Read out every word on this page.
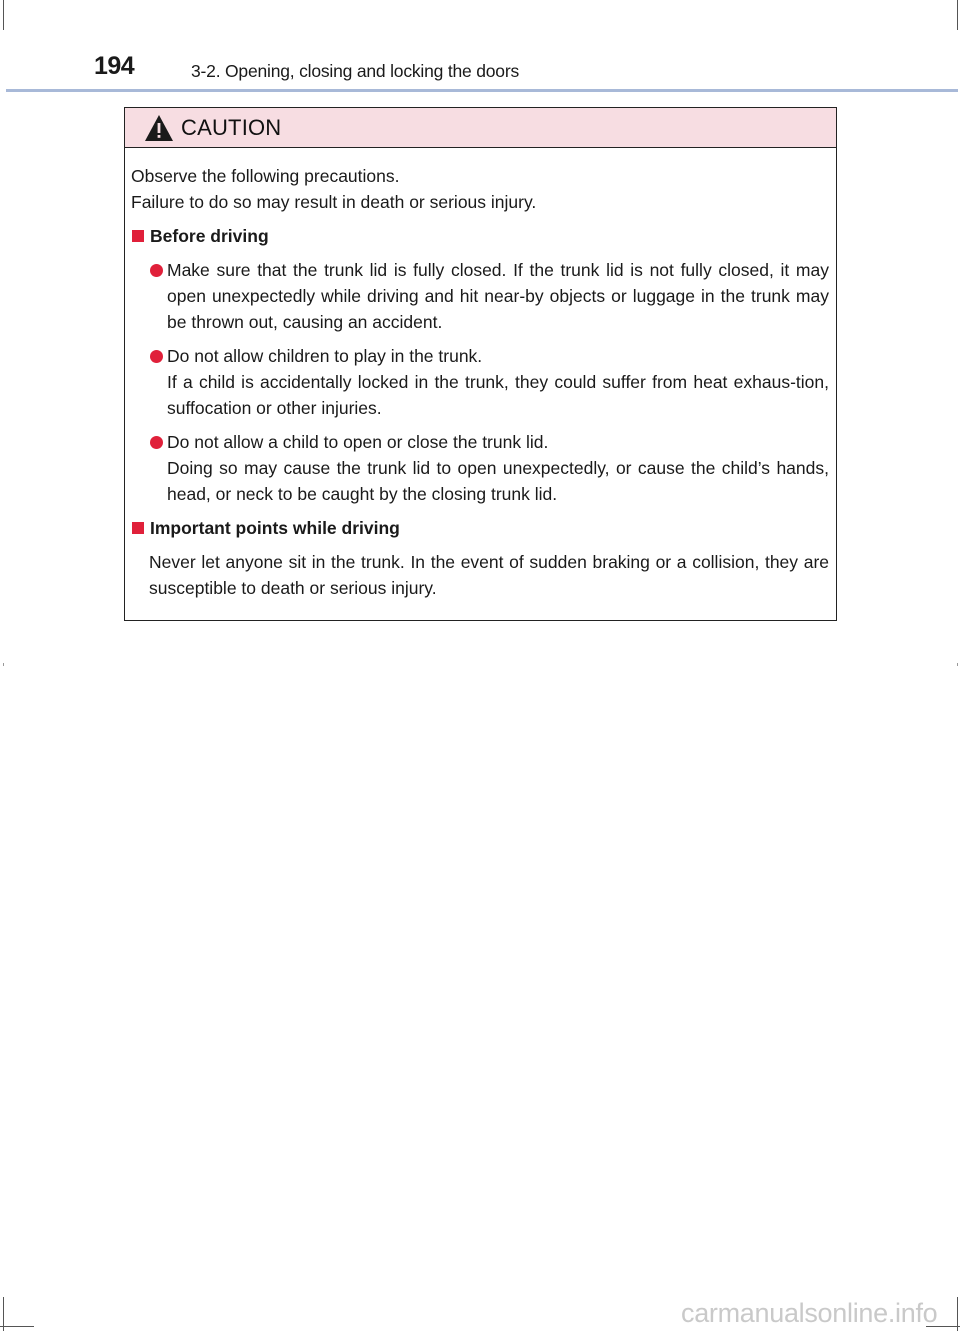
194	3-2. Opening, closing and locking the doors
CAUTION

Observe the following precautions.

Failure to do so may result in death or serious injury.

Before driving

Make sure that the trunk lid is fully closed. If the trunk lid is not fully closed, it may open unexpectedly while driving and hit near-by objects or luggage in the trunk may be thrown out, causing an accident.

Do not allow children to play in the trunk.

If a child is accidentally locked in the trunk, they could suffer from heat exhaus-tion, suffocation or other injuries.

Do not allow a child to open or close the trunk lid.

Doing so may cause the trunk lid to open unexpectedly, or cause the child’s hands, head, or neck to be caught by the closing trunk lid.

Important points while driving

Never let anyone sit in the trunk. In the event of sudden braking or a collision, they are susceptible to death or serious injury.

carmanualsonline.info
